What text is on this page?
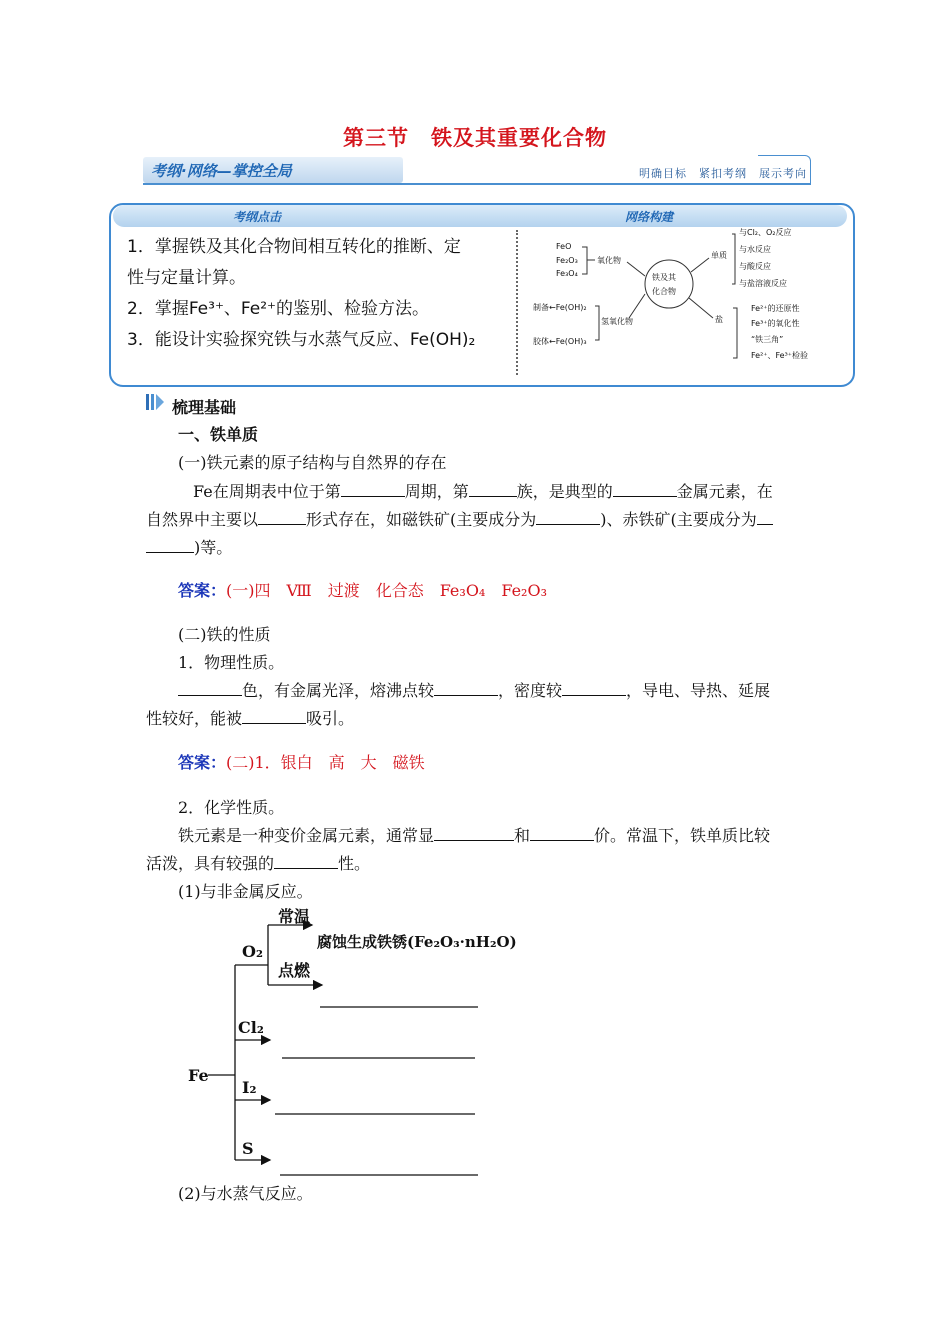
第三节　铁及其重要化合物
考纲·网络—掌控全局	明确目标　紧扣考纲　展示考向
考纲点击	网络构建
1．掌握铁及其化合物间相互转化的推断、定
性与定量计算。
2．掌握Fe³⁺、Fe²⁺的鉴别、检验方法。
3．能设计实验探究铁与水蒸气反应、Fe(OH)₂
FeO
Fe₂O₃
Fe₃O₄
氧化物
铁及其
化合物
氢氧化物
制备←Fe(OH)₂
胶体←Fe(OH)₃
单质
与Cl₂、O₂反应
与水反应
与酸反应
与盐溶液反应
盐
Fe²⁺的还原性
Fe³⁺的氧化性
“铁三角”
Fe²⁺、Fe³⁺检验
梳理基础
一、铁单质
(一)铁元素的原子结构与自然界的存在
Fe在周期表中位于第	周期，第	族，是典型的	金属元素，在
自然界中主要以	形式存在，如磁铁矿(主要成分为	)、赤铁矿(主要成分为
)等。
答案：(一)四　Ⅷ　过渡　化合态　Fe₃O₄　Fe₂O₃
(二)铁的性质
1．物理性质。
色，有金属光泽，熔沸点较	，密度较	，导电、导热、延展
性较好，能被	吸引。
答案：(二)1．银白　高　大　磁铁
2．化学性质。
铁元素是一种变价金属元素，通常显	和	价。常温下，铁单质比较
活泼，具有较强的	性。
(1)与非金属反应。
Fe
O₂
常温
点燃
腐蚀生成铁锈(Fe₂O₃·nH₂O)
Cl₂
I₂
S
(2)与水蒸气反应。
